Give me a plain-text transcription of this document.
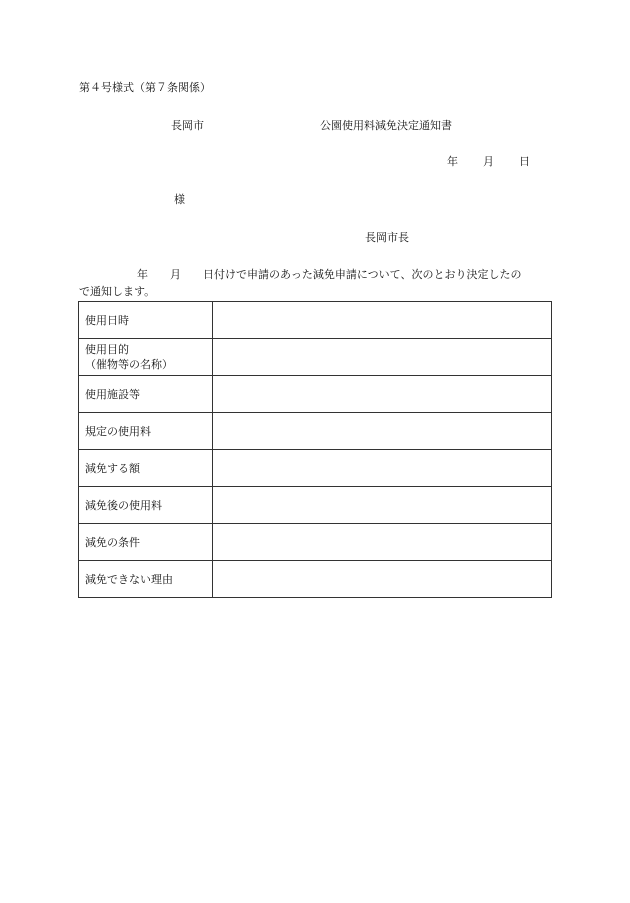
第４号様式（第７条関係）
長岡市	公園使用料減免決定通知書
年 月 日
様
長岡市長
年 月 日付けで申請のあった減免申請について、次のとおり決定したの
で通知します。
使用日時	
使用目的
（催物等の名称）	
使用施設等	
規定の使用料	
減免する額	
減免後の使用料	
減免の条件	
減免できない理由	
